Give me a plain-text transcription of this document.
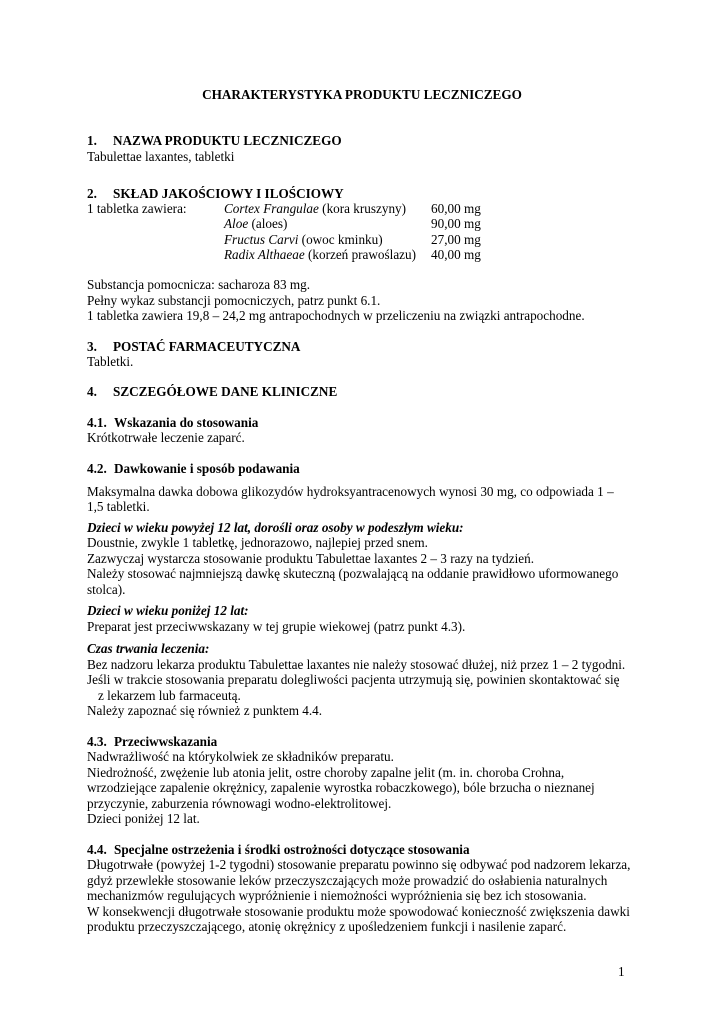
CHARAKTERYSTYKA PRODUKTU LECZNICZEGO
1. NAZWA PRODUKTU LECZNICZEGO
Tabulettae laxantes, tabletki
2. SKŁAD JAKOŚCIOWY I ILOŚCIOWY
1 tabletka zawiera:	Cortex Frangulae (kora kruszyny) 60,00 mg
Aloe (aloes)	90,00 mg
Fructus Carvi (owoc kminku)	27,00 mg
Radix Althaeae (korzeń prawoślazu) 40,00 mg
Substancja pomocnicza: sacharoza 83 mg.
Pełny wykaz substancji pomocniczych, patrz punkt 6.1.
1 tabletka zawiera 19,8 – 24,2 mg antrapochodnych w przeliczeniu na związki antrapochodne.
3. POSTAĆ FARMACEUTYCZNA
Tabletki.
4. SZCZEGÓŁOWE DANE KLINICZNE
4.1. Wskazania do stosowania
Krótkotrwałe leczenie zaparć.
4.2. Dawkowanie i sposób podawania
Maksymalna dawka dobowa glikozydów hydroksyantracenowych wynosi 30 mg, co odpowiada 1 –
1,5 tabletki.
Dzieci w wieku powyżej 12 lat, dorośli oraz osoby w podeszłym wieku:
Doustnie, zwykle 1 tabletkę, jednorazowo, najlepiej przed snem.
Zazwyczaj wystarcza stosowanie produktu Tabulettae laxantes 2 – 3 razy na tydzień.
Należy stosować najmniejszą dawkę skuteczną (pozwalającą na oddanie prawidłowo uformowanego
stolca).
Dzieci w wieku poniżej 12 lat:
Preparat jest przeciwwskazany w tej grupie wiekowej (patrz punkt 4.3).
Czas trwania leczenia:
Bez nadzoru lekarza produktu Tabulettae laxantes nie należy stosować dłużej, niż przez 1 – 2 tygodni.
Jeśli w trakcie stosowania preparatu dolegliwości pacjenta utrzymują się, powinien skontaktować się
z lekarzem lub farmaceutą.
Należy zapoznać się również z punktem 4.4.
4.3. Przeciwwskazania
Nadwrażliwość na którykolwiek ze składników preparatu.
Niedrożność, zwężenie lub atonia jelit, ostre choroby zapalne jelit (m. in. choroba Crohna,
wrzodziejące zapalenie okrężnicy, zapalenie wyrostka robaczkowego), bóle brzucha o nieznanej
przyczynie, zaburzenia równowagi wodno-elektrolitowej.
Dzieci poniżej 12 lat.
4.4. Specjalne ostrzeżenia i środki ostrożności dotyczące stosowania
Długotrwałe (powyżej 1-2 tygodni) stosowanie preparatu powinno się odbywać pod nadzorem lekarza,
gdyż przewlekłe stosowanie leków przeczyszczających może prowadzić do osłabienia naturalnych
mechanizmów regulujących wypróżnienie i niemożności wypróżnienia się bez ich stosowania.
W konsekwencji długotrwałe stosowanie produktu może spowodować konieczność zwiększenia dawki
produktu przeczyszczającego, atonię okrężnicy z upośledzeniem funkcji i nasilenie zaparć.
1
